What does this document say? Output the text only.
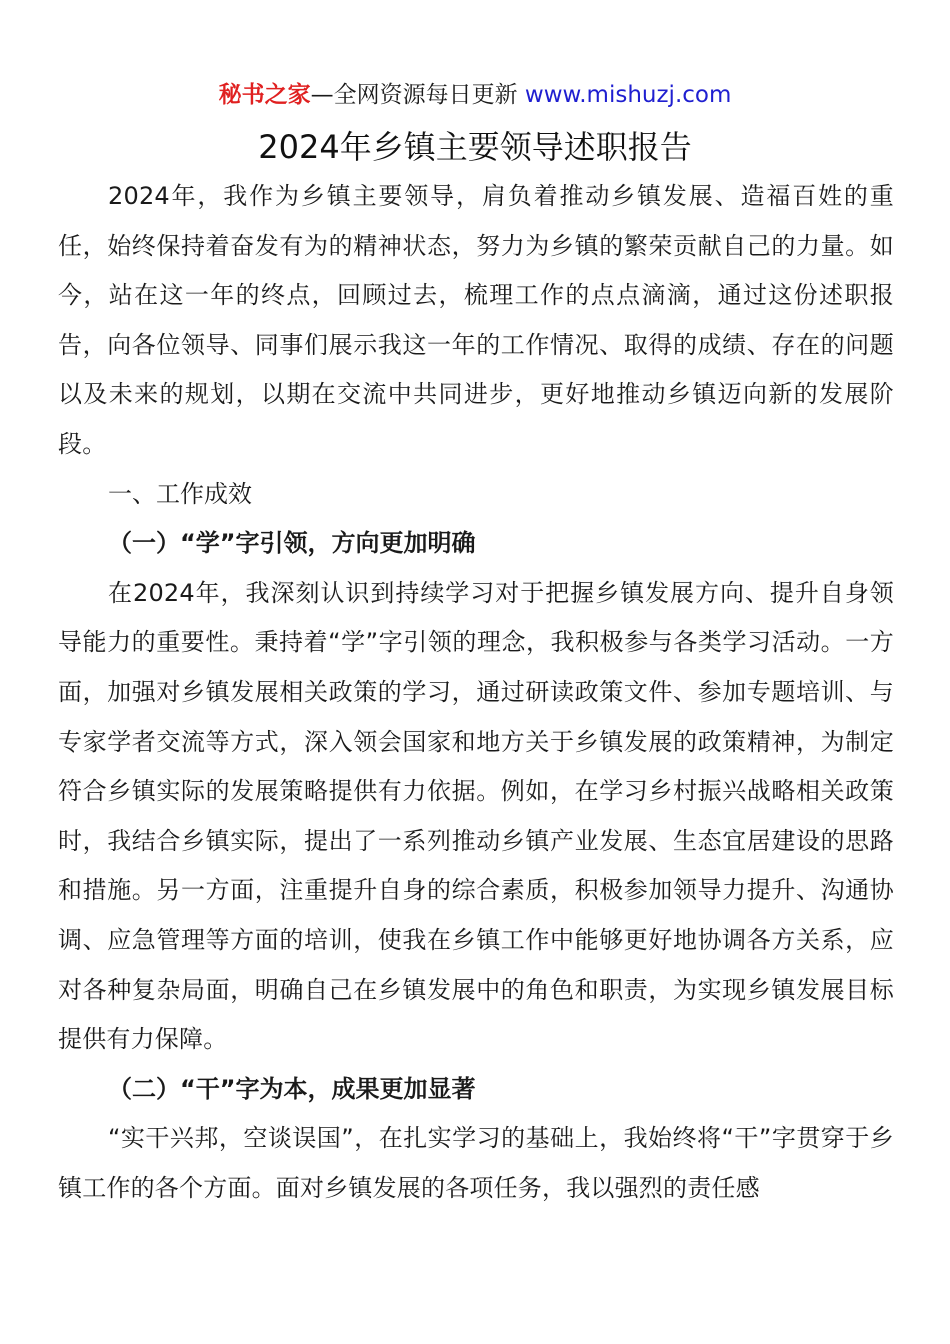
秘书之家—全网资源每日更新 www.mishuzj.com
2024年乡镇主要领导述职报告

2024年，我作为乡镇主要领导，肩负着推动乡镇发展、造福百姓的重任，始终保持着奋发有为的精神状态，努力为乡镇的繁荣贡献自己的力量。如今，站在这一年的终点，回顾过去，梳理工作的点点滴滴，通过这份述职报告，向各位领导、同事们展示我这一年的工作情况、取得的成绩、存在的问题以及未来的规划，以期在交流中共同进步，更好地推动乡镇迈向新的发展阶段。

一、工作成效

（一）“学”字引领，方向更加明确

在2024年，我深刻认识到持续学习对于把握乡镇发展方向、提升自身领导能力的重要性。秉持着“学”字引领的理念，我积极参与各类学习活动。一方面，加强对乡镇发展相关政策的学习，通过研读政策文件、参加专题培训、与专家学者交流等方式，深入领会国家和地方关于乡镇发展的政策精神，为制定符合乡镇实际的发展策略提供有力依据。例如，在学习乡村振兴战略相关政策时，我结合乡镇实际，提出了一系列推动乡镇产业发展、生态宜居建设的思路和措施。另一方面，注重提升自身的综合素质，积极参加领导力提升、沟通协调、应急管理等方面的培训，使我在乡镇工作中能够更好地协调各方关系，应对各种复杂局面，明确自己在乡镇发展中的角色和职责，为实现乡镇发展目标提供有力保障。

（二）“干”字为本，成果更加显著

“实干兴邦，空谈误国”，在扎实学习的基础上，我始终将“干”字贯穿于乡镇工作的各个方面。面对乡镇发展的各项任务，我以强烈的责任感
